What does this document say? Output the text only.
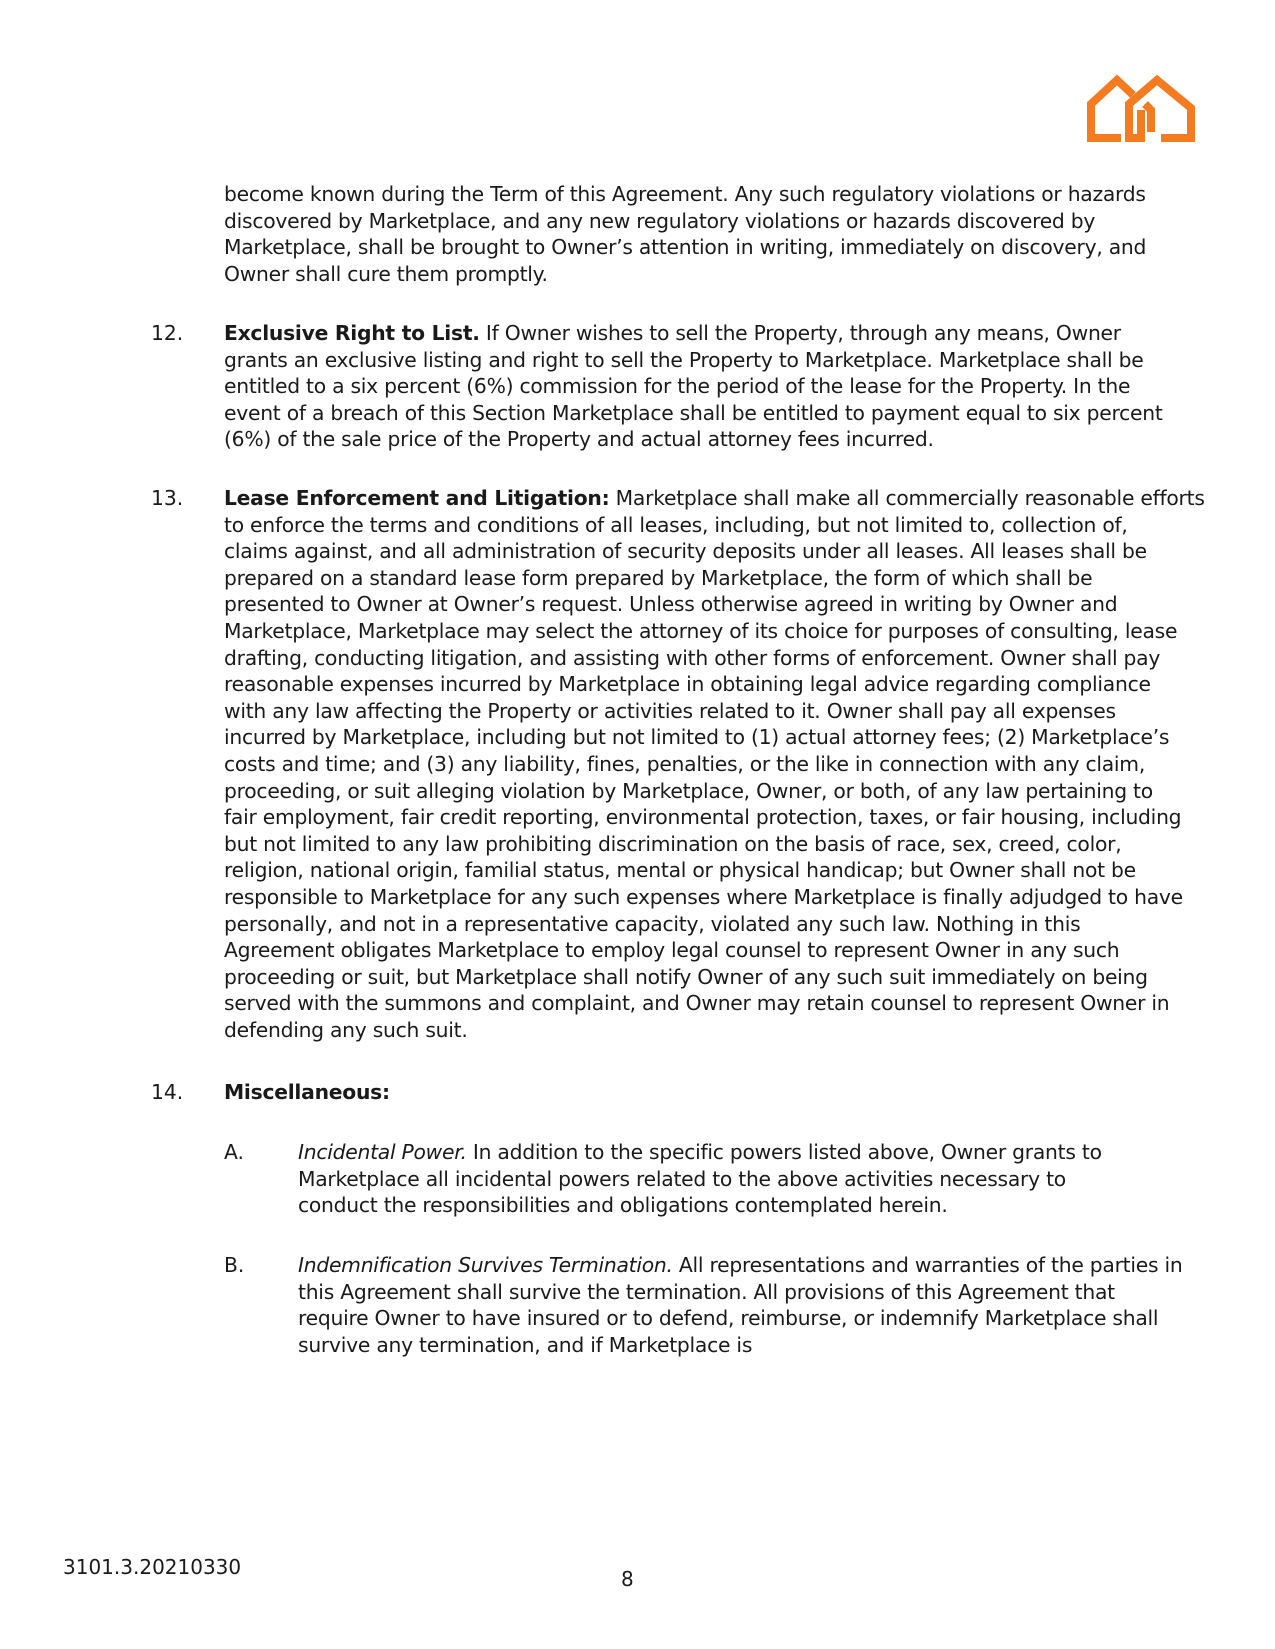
become known during the Term of this Agreement. Any such regulatory violations or hazards
discovered by Marketplace, and any new regulatory violations or hazards discovered by
Marketplace, shall be brought to Owner’s attention in writing, immediately on discovery, and
Owner shall cure them promptly.
12. Exclusive Right to List. If Owner wishes to sell the Property, through any means, Owner
grants an exclusive listing and right to sell the Property to Marketplace. Marketplace shall be
entitled to a six percent (6%) commission for the period of the lease for the Property. In the
event of a breach of this Section Marketplace shall be entitled to payment equal to six percent
(6%) of the sale price of the Property and actual attorney fees incurred.
13. Lease Enforcement and Litigation: Marketplace shall make all commercially reasonable efforts
to enforce the terms and conditions of all leases, including, but not limited to, collection of,
claims against, and all administration of security deposits under all leases. All leases shall be
prepared on a standard lease form prepared by Marketplace, the form of which shall be
presented to Owner at Owner’s request. Unless otherwise agreed in writing by Owner and
Marketplace, Marketplace may select the attorney of its choice for purposes of consulting, lease
drafting, conducting litigation, and assisting with other forms of enforcement. Owner shall pay
reasonable expenses incurred by Marketplace in obtaining legal advice regarding compliance
with any law affecting the Property or activities related to it. Owner shall pay all expenses
incurred by Marketplace, including but not limited to (1) actual attorney fees; (2) Marketplace’s
costs and time; and (3) any liability, fines, penalties, or the like in connection with any claim,
proceeding, or suit alleging violation by Marketplace, Owner, or both, of any law pertaining to
fair employment, fair credit reporting, environmental protection, taxes, or fair housing, including
but not limited to any law prohibiting discrimination on the basis of race, sex, creed, color,
religion, national origin, familial status, mental or physical handicap; but Owner shall not be
responsible to Marketplace for any such expenses where Marketplace is finally adjudged to have
personally, and not in a representative capacity, violated any such law. Nothing in this
Agreement obligates Marketplace to employ legal counsel to represent Owner in any such
proceeding or suit, but Marketplace shall notify Owner of any such suit immediately on being
served with the summons and complaint, and Owner may retain counsel to represent Owner in
defending any such suit.
14. Miscellaneous:
A.	Incidental Power. In addition to the specific powers listed above, Owner grants to
Marketplace all incidental powers related to the above activities necessary to
conduct the responsibilities and obligations contemplated herein.
B.	Indemnification Survives Termination. All representations and warranties of the parties in
this Agreement shall survive the termination. All provisions of this Agreement that
require Owner to have insured or to defend, reimburse, or indemnify Marketplace shall
survive any termination, and if Marketplace is
3101.3.20210330	8
